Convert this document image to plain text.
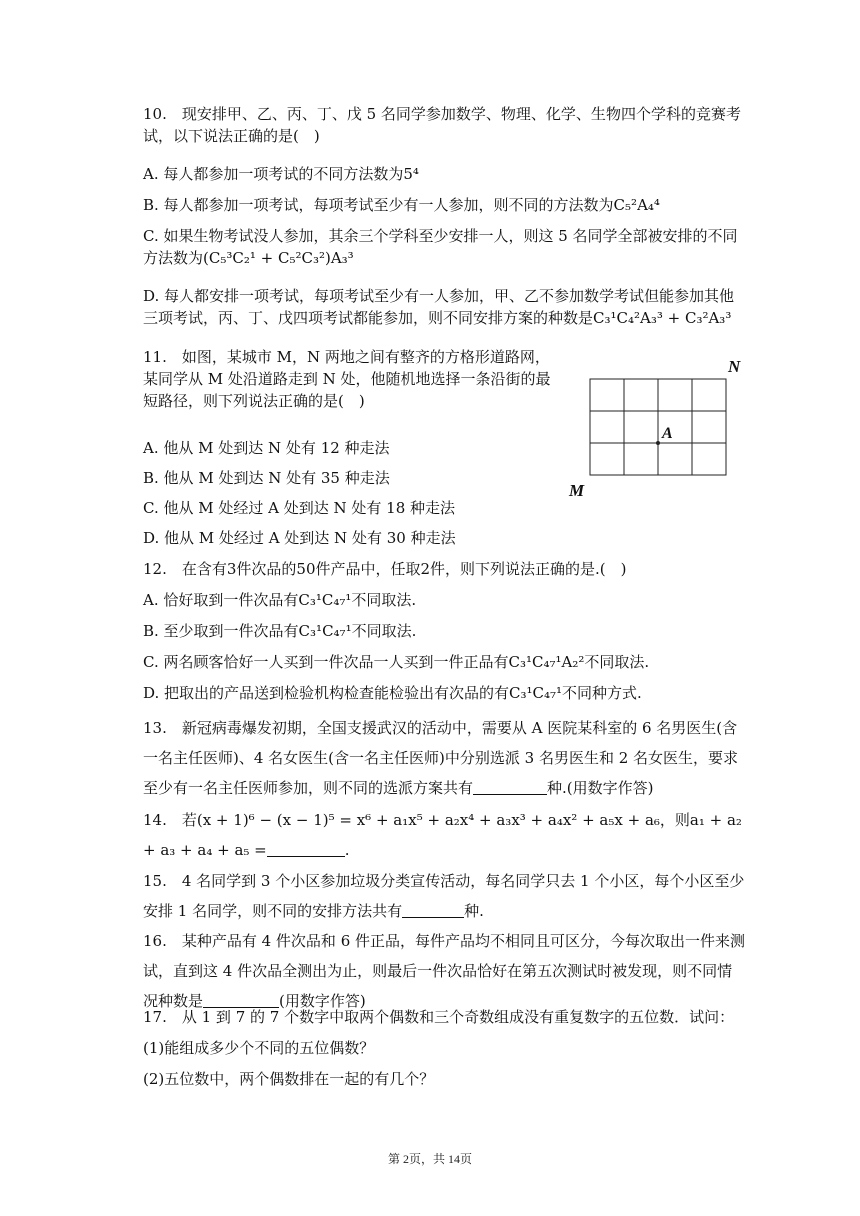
10.　现安排甲、乙、丙、丁、戊 5 名同学参加数学、物理、化学、生物四个学科的竞赛考试，以下说法正确的是(　)
A. 每人都参加一项考试的不同方法数为5⁴
B. 每人都参加一项考试，每项考试至少有一人参加，则不同的方法数为C₅²A₄⁴
C. 如果生物考试没人参加，其余三个学科至少安排一人，则这 5 名同学全部被安排的不同方法数为(C₅³C₂¹ + C₅²C₃²)A₃³
D. 每人都安排一项考试，每项考试至少有一人参加，甲、乙不参加数学考试但能参加其他三项考试，丙、丁、戊四项考试都能参加，则不同安排方案的种数是C₃¹C₄²A₃³ + C₃²A₃³
11.　如图，某城市 M，N 两地之间有整齐的方格形道路网，某同学从 M 处沿道路走到 N 处，他随机地选择一条沿街的最短路径，则下列说法正确的是(　)
A. 他从 M 处到达 N 处有 12 种走法
B. 他从 M 处到达 N 处有 35 种走法
C. 他从 M 处经过 A 处到达 N 处有 18 种走法
D. 他从 M 处经过 A 处到达 N 处有 30 种走法
N
M
A
12.　在含有3件次品的50件产品中，任取2件，则下列说法正确的是.(　)
A. 恰好取到一件次品有C₃¹C₄₇¹不同取法.
B. 至少取到一件次品有C₃¹C₄₇¹不同取法.
C. 两名顾客恰好一人买到一件次品一人买到一件正品有C₃¹C₄₇¹A₂²不同取法.
D. 把取出的产品送到检验机构检查能检验出有次品的有C₃¹C₄₇¹不同种方式.
13.　新冠病毒爆发初期，全国支援武汉的活动中，需要从 A 医院某科室的 6 名男医生(含一名主任医师)、4 名女医生(含一名主任医师)中分别选派 3 名男医生和 2 名女医生，要求至少有一名主任医师参加，则不同的选派方案共有	种.(用数字作答)
14.　若(x + 1)⁶ − (x − 1)⁵ = x⁶ + a₁x⁵ + a₂x⁴ + a₃x³ + a₄x² + a₅x + a₆，则a₁ + a₂ + a₃ + a₄ + a₅ =	.
15.　4 名同学到 3 个小区参加垃圾分类宣传活动，每名同学只去 1 个小区，每个小区至少安排 1 名同学，则不同的安排方法共有	种.
16.　某种产品有 4 件次品和 6 件正品，每件产品均不相同且可区分，今每次取出一件来测试，直到这 4 件次品全测出为止，则最后一件次品恰好在第五次测试时被发现，则不同情况种数是	(用数字作答)
17.　从 1 到 7 的 7 个数字中取两个偶数和三个奇数组成没有重复数字的五位数．试问：
(1)能组成多少个不同的五位偶数？
(2)五位数中，两个偶数排在一起的有几个？
第 2页，共 14页
